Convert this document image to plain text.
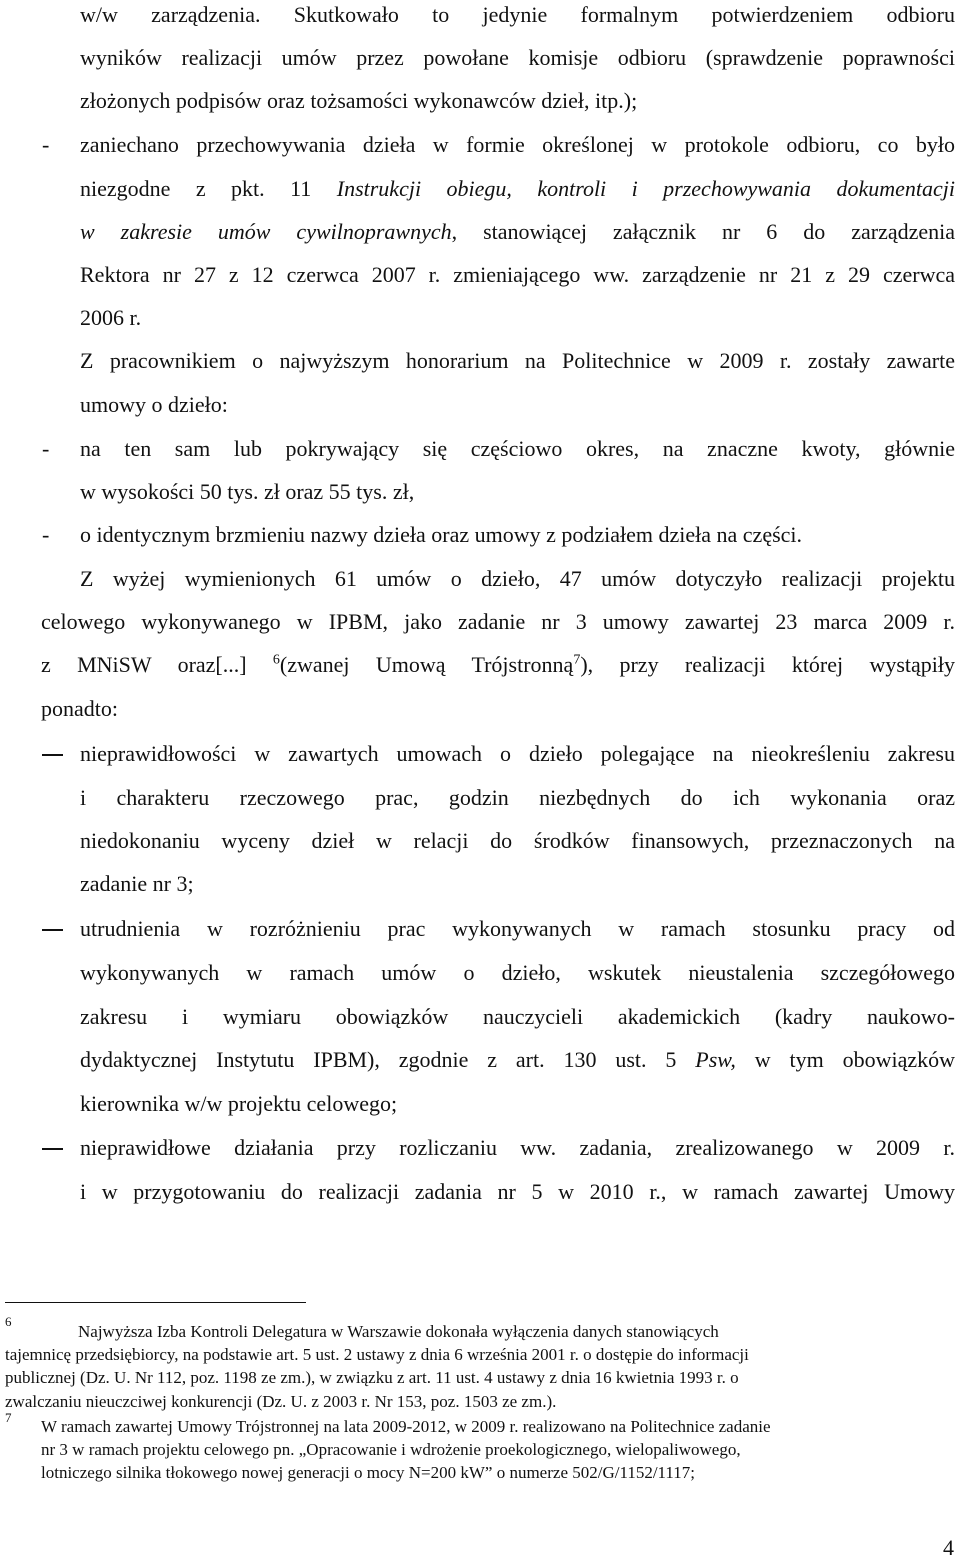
w/w zarządzenia. Skutkowało to jedynie formalnym potwierdzeniem odbioru
wyników realizacji umów przez powołane komisje odbioru (sprawdzenie poprawności
złożonych podpisów oraz tożsamości wykonawców dzieł, itp.);
- zaniechano przechowywania dzieła w formie określonej w protokole odbioru, co było
niezgodne z pkt. 11 Instrukcji obiegu, kontroli i przechowywania dokumentacji
w zakresie umów cywilnoprawnych, stanowiącej załącznik nr 6 do zarządzenia
Rektora nr 27 z 12 czerwca 2007 r. zmieniającego ww. zarządzenie nr 21 z 29 czerwca
2006 r.
Z pracownikiem o najwyższym honorarium na Politechnice w 2009 r. zostały zawarte
umowy o dzieło:
- na ten sam lub pokrywający się częściowo okres, na znaczne kwoty, głównie
w wysokości 50 tys. zł oraz 55 tys. zł,
- o identycznym brzmieniu nazwy dzieła oraz umowy z podziałem dzieła na części.
Z wyżej wymienionych 61 umów o dzieło, 47 umów dotyczyło realizacji projektu
celowego wykonywanego w IPBM, jako zadanie nr 3 umowy zawartej 23 marca 2009 r.
z MNiSW oraz[...] $^6$(zwanej Umową Trójstronną$^7$), przy realizacji której wystąpiły
ponadto:
nieprawidłowości w zawartych umowach o dzieło polegające na nieokreśleniu zakresu
i charakteru rzeczowego prac, godzin niezbędnych do ich wykonania oraz
niedokonaniu wyceny dzieł w relacji do środków finansowych, przeznaczonych na
zadanie nr 3;
utrudnienia w rozróżnieniu prac wykonywanych w ramach stosunku pracy od
wykonywanych w ramach umów o dzieło, wskutek nieustalenia szczegółowego
zakresu i wymiaru obowiązków nauczycieli akademickich (kadry naukowo-
dydaktycznej Instytutu IPBM), zgodnie z art. 130 ust. 5 Psw, w tym obowiązków
kierownika w/w projektu celowego;
nieprawidłowe działania przy rozliczaniu ww. zadania, zrealizowanego w 2009 r.
i w przygotowaniu do realizacji zadania nr 5 w 2010 r., w ramach zawartej Umowy
6
Najwyższa Izba Kontroli Delegatura w Warszawie dokonała wyłączenia danych stanowiących
tajemnicę przedsiębiorcy, na podstawie art. 5 ust. 2 ustawy z dnia 6 września 2001 r. o dostępie do informacji
publicznej (Dz. U. Nr 112, poz. 1198 ze zm.), w związku z art. 11 ust. 4 ustawy z dnia 16 kwietnia 1993 r. o
zwalczaniu nieuczciwej konkurencji (Dz. U. z 2003 r. Nr 153, poz. 1503 ze zm.).
7 W ramach zawartej Umowy Trójstronnej na lata 2009-2012, w 2009 r. realizowano na Politechnice zadanie
nr 3 w ramach projektu celowego pn. „Opracowanie i wdrożenie proekologicznego, wielopaliwowego,
lotniczego silnika tłokowego nowej generacji o mocy N=200 kW” o numerze 502/G/1152/1117;
4
